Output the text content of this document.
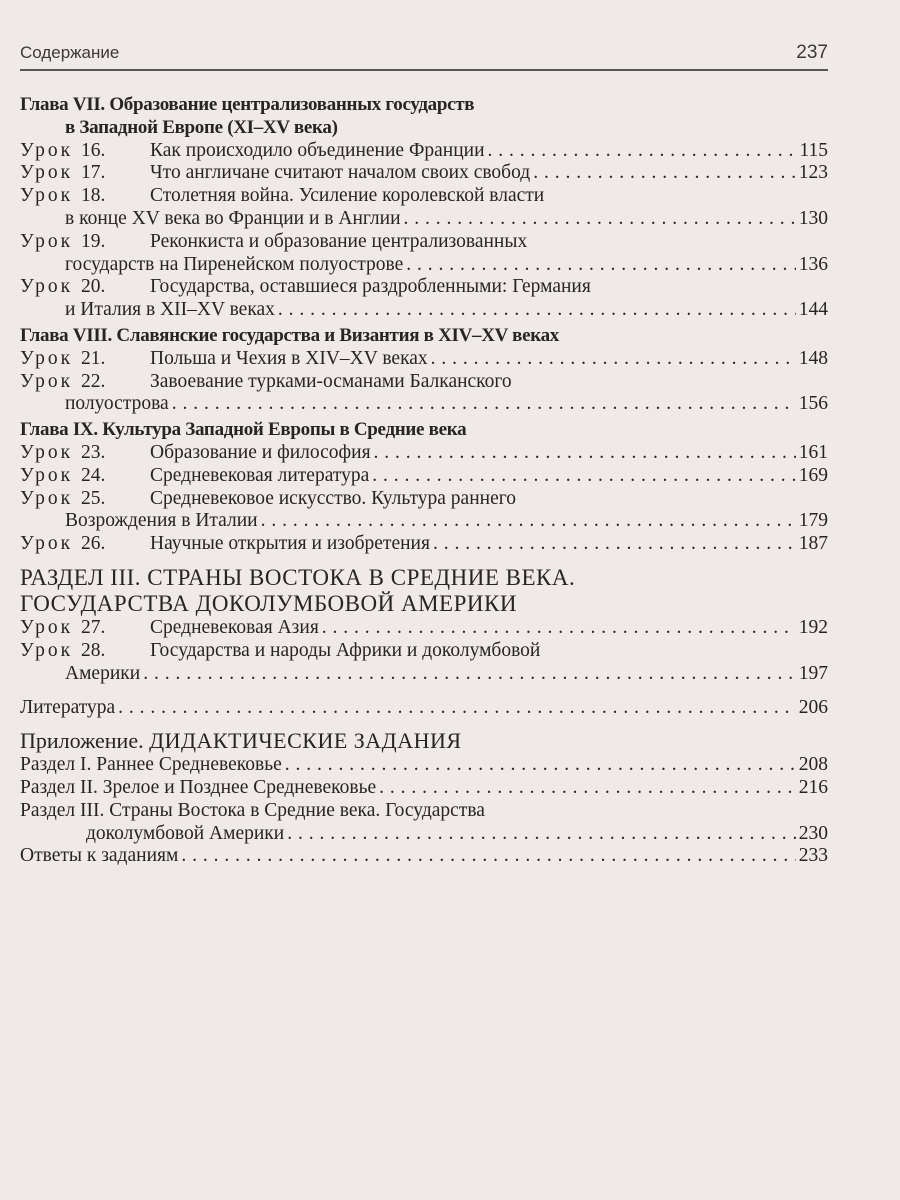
Содержание	237
Глава VII. Образование централизованных государств
в Западной Европе (XI–XV века)
Урок 16.	Как происходило объединение Франции . . .	115
Урок 17.	Что англичане считают началом своих свобод . . .	123
Урок 18.	Столетняя война. Усиление королевской власти
в конце XV века во Франции и в Англии . . .	130
Урок 19.	Реконкиста и образование централизованных
государств на Пиренейском полуострове . . .	136
Урок 20.	Государства, оставшиеся раздробленными: Германия
и Италия в XII–XV веках . . .	144
Глава VIII. Славянские государства и Византия в XIV–XV веках
Урок 21.	Польша и Чехия в XIV–XV веках . . .	148
Урок 22.	Завоевание турками-османами Балканского
полуострова . . .	156
Глава IX. Культура Западной Европы в Средние века
Урок 23.	Образование и философия . . .	161
Урок 24.	Средневековая литература . . .	169
Урок 25.	Средневековое искусство. Культура раннего
Возрождения в Италии . . .	179
Урок 26.	Научные открытия и изобретения . . .	187
РАЗДЕЛ III. СТРАНЫ ВОСТОКА В СРЕДНИЕ ВЕКА.
ГОСУДАРСТВА ДОКОЛУМБОВОЙ АМЕРИКИ
Урок 27.	Средневековая Азия . . .	192
Урок 28.	Государства и народы Африки и доколумбовой
Америки . . .	197
Литература . . .	206
Приложение. ДИДАКТИЧЕСКИЕ ЗАДАНИЯ
Раздел I. Раннее Средневековье . . .	208
Раздел II. Зрелое и Позднее Средневековье . . .	216
Раздел III. Страны Востока в Средние века. Государства
доколумбовой Америки . . .	230
Ответы к заданиям . . .	233
